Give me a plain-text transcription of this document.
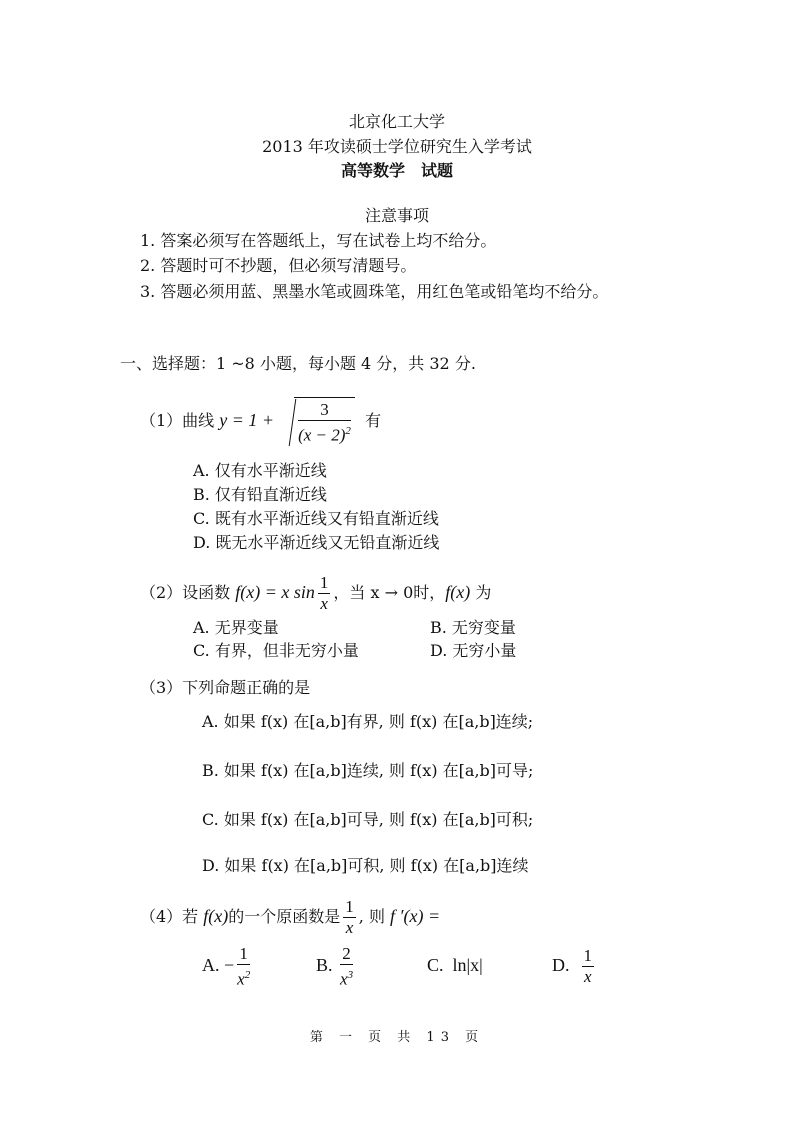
北京化工大学
2013 年攻读硕士学位研究生入学考试
高等数学　试题
注意事项
1. 答案必须写在答题纸上，写在试卷上均不给分。
2. 答题时可不抄题，但必须写清题号。
3. 答题必须用蓝、黑墨水笔或圆珠笔，用红色笔或铅笔均不给分。
一、选择题：1 ~8 小题，每小题 4 分，共 32 分.
（1）曲线 $y = 1 + \frac{3}{(x - 2)^2}$ 有
A. 仅有水平渐近线
B. 仅有铅直渐近线
C. 既有水平渐近线又有铅直渐近线
D. 既无水平渐近线又无铅直渐近线
（2）设函数 f(x) = x $\sin \frac{1}{x}$ ，当 x → 0时，f(x) 为
A. 无界变量	B. 无穷变量
C. 有界，但非无穷小量	D. 无穷小量
（3）下列命题正确的是
A. 如果 f(x) 在[a,b]有界, 则 f(x) 在[a,b]连续;
B. 如果 f(x) 在[a,b]连续, 则 f(x) 在[a,b]可导;
C. 如果 f(x) 在[a,b]可导, 则 f(x) 在[a,b]可积;
D. 如果 f(x) 在[a,b]可积, 则 f(x) 在[a,b]连续
（4）若 f(x)的一个原函数是 $\frac{1}{x}$ , 则 f ′(x) =
A. − $\frac{1}{x^2}$	B. $\frac{2}{x^3}$	C. ln|x|	D. $\frac{1}{x}$
第 一 页 共 13 页
